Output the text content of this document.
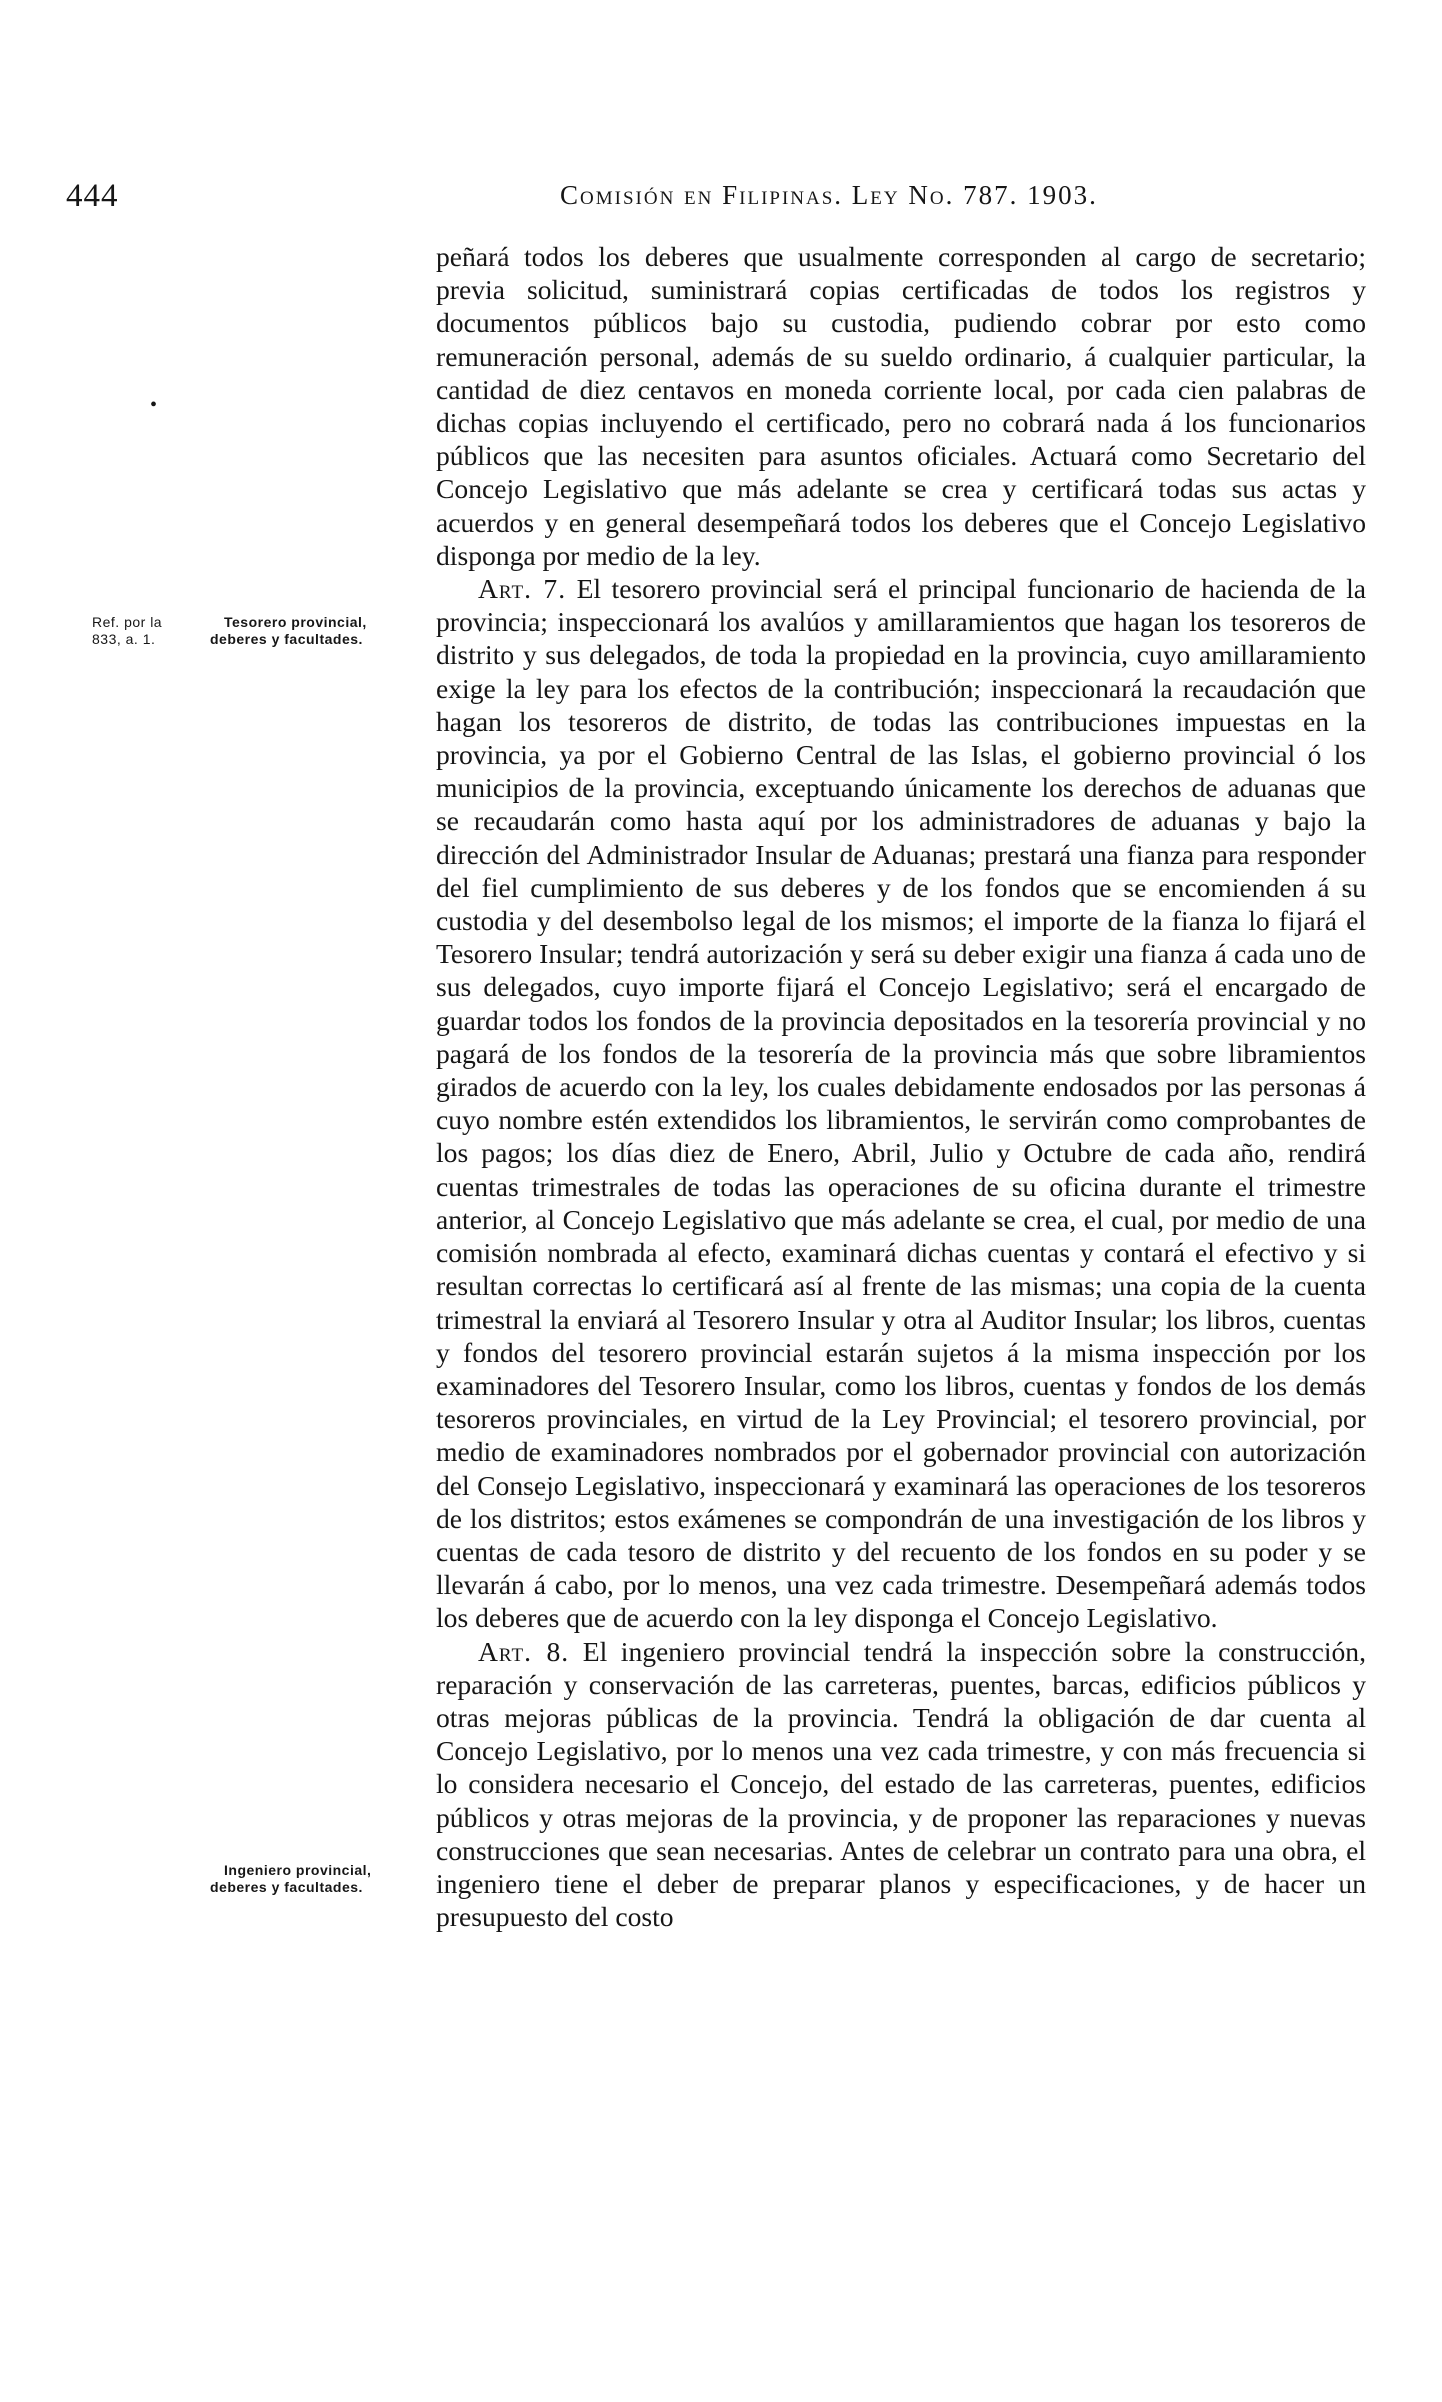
444	Comisión en Filipinas. Ley No. 787. 1903.
•
Ref. por la 833, a. 1.
Tesorero provincial, deberes y facultades.
Ingeniero provincial, deberes y facultades.

peñará todos los deberes que usualmente corresponden al cargo de secretario; previa solicitud, suministrará copias certificadas de todos los registros y documentos públicos bajo su custodia, pudiendo cobrar por esto como remuneración personal, además de su sueldo ordinario, á cualquier particular, la cantidad de diez centavos en moneda corriente local, por cada cien palabras de dichas copias incluyendo el certificado, pero no cobrará nada á los funcionarios públicos que las necesiten para asuntos oficiales. Actuará como Secretario del Concejo Legislativo que más adelante se crea y certificará todas sus actas y acuerdos y en general desempeñará todos los deberes que el Concejo Legislativo disponga por medio de la ley.

Art. 7. El tesorero provincial será el principal funcionario de hacienda de la provincia; inspeccionará los avalúos y amillaramientos que hagan los tesoreros de distrito y sus delegados, de toda la propiedad en la provincia, cuyo amillaramiento exige la ley para los efectos de la contribución; inspeccionará la recaudación que hagan los tesoreros de distrito, de todas las contribuciones impuestas en la provincia, ya por el Gobierno Central de las Islas, el gobierno provincial ó los municipios de la provincia, exceptuando únicamente los derechos de aduanas que se recaudarán como hasta aquí por los administradores de aduanas y bajo la dirección del Administrador Insular de Aduanas; prestará una fianza para responder del fiel cumplimiento de sus deberes y de los fondos que se encomienden á su custodia y del desembolso legal de los mismos; el importe de la fianza lo fijará el Tesorero Insular; tendrá autorización y será su deber exigir una fianza á cada uno de sus delegados, cuyo importe fijará el Concejo Legislativo; será el encargado de guardar todos los fondos de la provincia depositados en la tesorería provincial y no pagará de los fondos de la tesorería de la provincia más que sobre libramientos girados de acuerdo con la ley, los cuales debidamente endosados por las personas á cuyo nombre estén extendidos los libramientos, le servirán como comprobantes de los pagos; los días diez de Enero, Abril, Julio y Octubre de cada año, rendirá cuentas trimestrales de todas las operaciones de su oficina durante el trimestre anterior, al Concejo Legislativo que más adelante se crea, el cual, por medio de una comisión nombrada al efecto, examinará dichas cuentas y contará el efectivo y si resultan correctas lo certificará así al frente de las mismas; una copia de la cuenta trimestral la enviará al Tesorero Insular y otra al Auditor Insular; los libros, cuentas y fondos del tesorero provincial estarán sujetos á la misma inspección por los examinadores del Tesorero Insular, como los libros, cuentas y fondos de los demás tesoreros provinciales, en virtud de la Ley Provincial; el tesorero provincial, por medio de examinadores nombrados por el gobernador provincial con autorización del Consejo Legislativo, inspeccionará y examinará las operaciones de los tesoreros de los distritos; estos exámenes se compondrán de una investigación de los libros y cuentas de cada tesoro de distrito y del recuento de los fondos en su poder y se llevarán á cabo, por lo menos, una vez cada trimestre. Desempeñará además todos los deberes que de acuerdo con la ley disponga el Concejo Legislativo.

Art. 8. El ingeniero provincial tendrá la inspección sobre la construcción, reparación y conservación de las carreteras, puentes, barcas, edificios públicos y otras mejoras públicas de la provincia. Tendrá la obligación de dar cuenta al Concejo Legislativo, por lo menos una vez cada trimestre, y con más frecuencia si lo considera necesario el Concejo, del estado de las carreteras, puentes, edificios públicos y otras mejoras de la provincia, y de proponer las reparaciones y nuevas construcciones que sean necesarias. Antes de celebrar un contrato para una obra, el ingeniero tiene el deber de preparar planos y especificaciones, y de hacer un presupuesto del costo
